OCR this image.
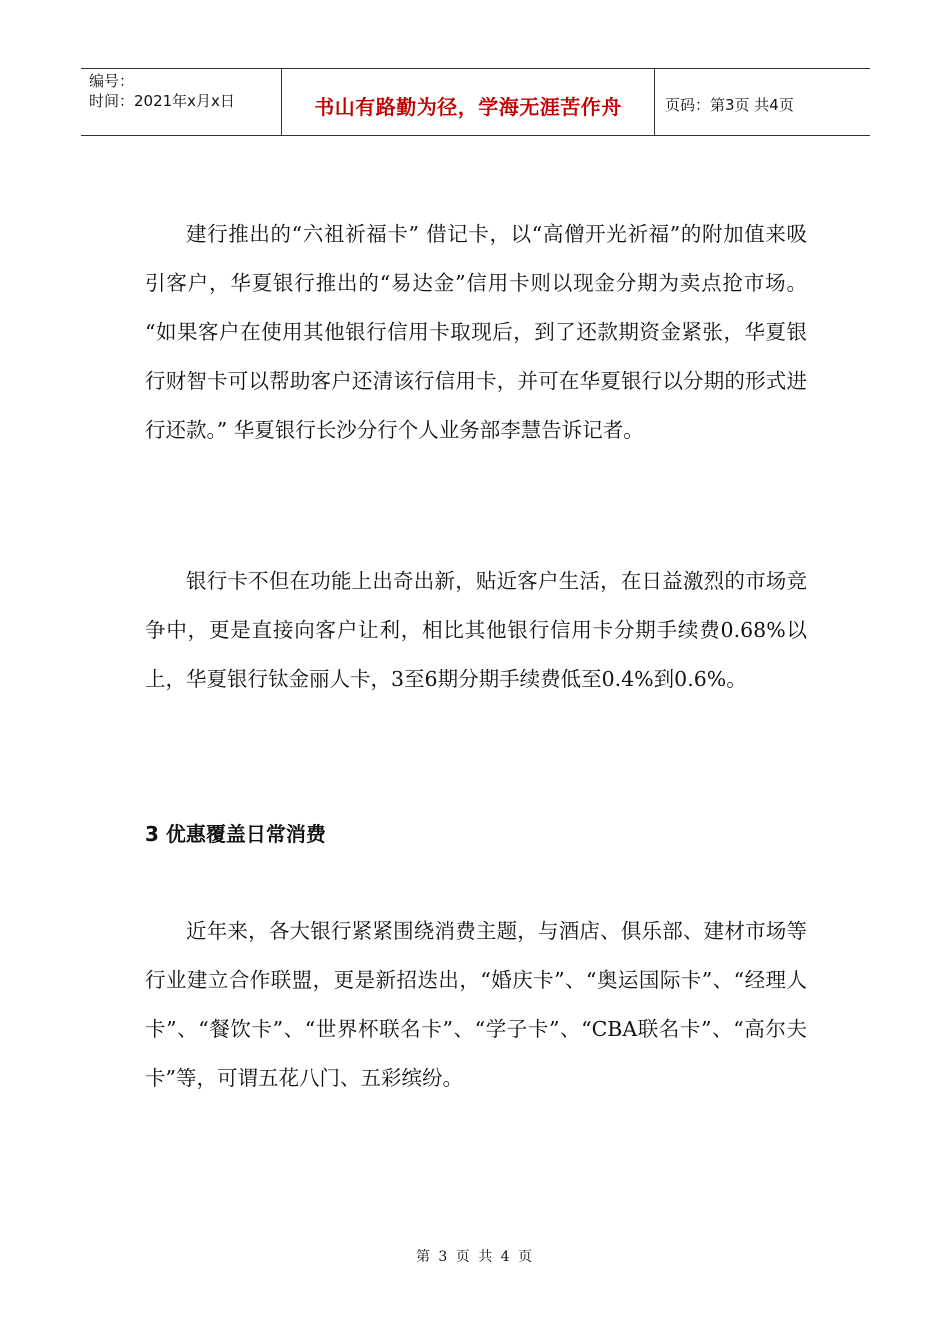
编号：
时间：2021年x月x日	书山有路勤为径，学海无涯苦作舟	页码：第3页 共4页

建行推出的“六祖祈福卡” 借记卡，以“高僧开光祈福”的附加值来吸引客户，华夏银行推出的“易达金”信用卡则以现金分期为卖点抢市场。 “如果客户在使用其他银行信用卡取现后，到了还款期资金紧张，华夏银行财智卡可以帮助客户还清该行信用卡，并可在华夏银行以分期的形式进行还款。” 华夏银行长沙分行个人业务部李慧告诉记者。

银行卡不但在功能上出奇出新，贴近客户生活，在日益激烈的市场竞争中，更是直接向客户让利，相比其他银行信用卡分期手续费0.68%以上，华夏银行钛金丽人卡，3至6期分期手续费低至0.4%到0.6%。

3 优惠覆盖日常消费

近年来，各大银行紧紧围绕消费主题，与酒店、俱乐部、建材市场等行业建立合作联盟，更是新招迭出，“婚庆卡”、“奥运国际卡”、“经理人卡”、“餐饮卡”、“世界杯联名卡”、“学子卡”、“CBA联名卡”、“高尔夫卡”等，可谓五花八门、五彩缤纷。

第 3 页 共 4 页
